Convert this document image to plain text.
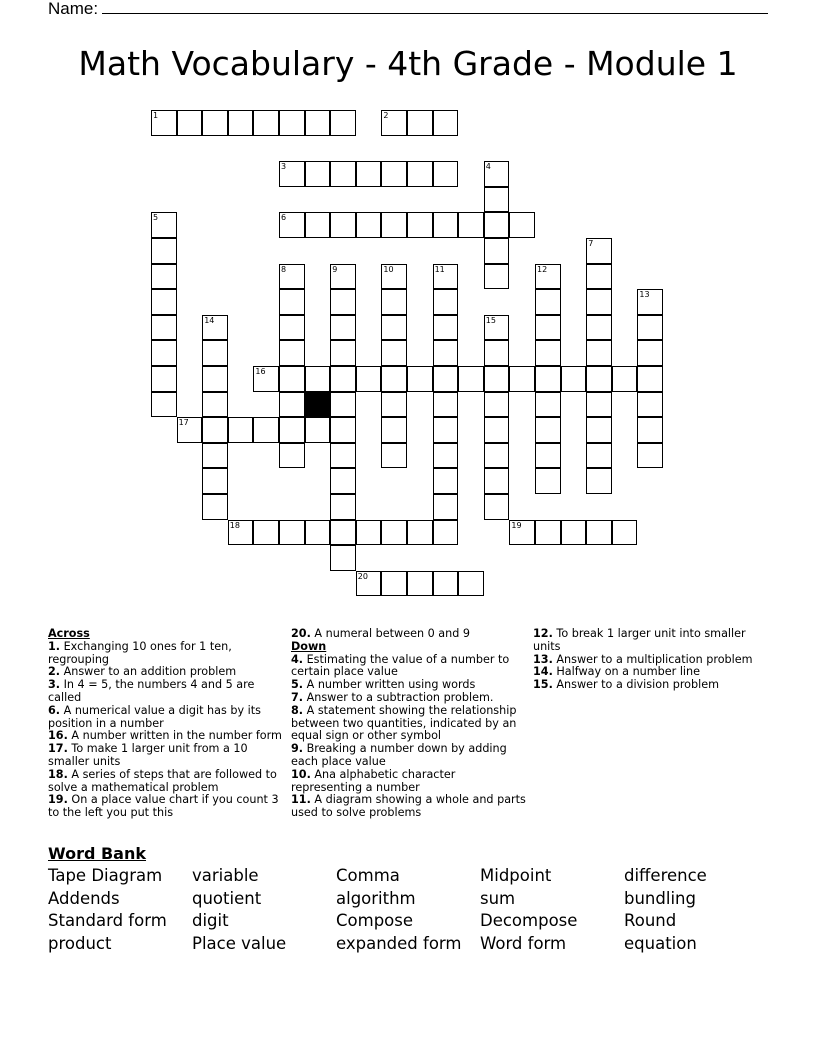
Name:
Math Vocabulary - 4th Grade - Module 1
1	2
3	4
5	6
7
8	9	10	11	12
13
14	15
16
17
18	19
20

Across

1. Exchanging 10 ones for 1 ten, regrouping

2. Answer to an addition problem

3. In 4 = 5, the numbers 4 and 5 are called

6. A numerical value a digit has by its position in a number

16. A number written in the number form

17. To make 1 larger unit from a 10 smaller units

18. A series of steps that are followed to solve a mathematical problem

19. On a place value chart if you count 3 to the left you put this

20. A numeral between 0 and 9

Down

4. Estimating the value of a number to certain place value

5. A number written using words

7. Answer to a subtraction problem.

8. A statement showing the relationship between two quantities, indicated by an equal sign or other symbol

9. Breaking a number down by adding each place value

10. Ana alphabetic character representing a number

11. A diagram showing a whole and parts used to solve problems

12. To break 1 larger unit into smaller units

13. Answer to a multiplication problem

14. Halfway on a number line

15. Answer to a division problem

Word Bank
Tape Diagram	variable	Comma	Midpoint	difference
Addends	quotient	algorithm	sum	bundling
Standard form	digit	Compose	Decompose	Round
product	Place value	expanded form	Word form	equation
